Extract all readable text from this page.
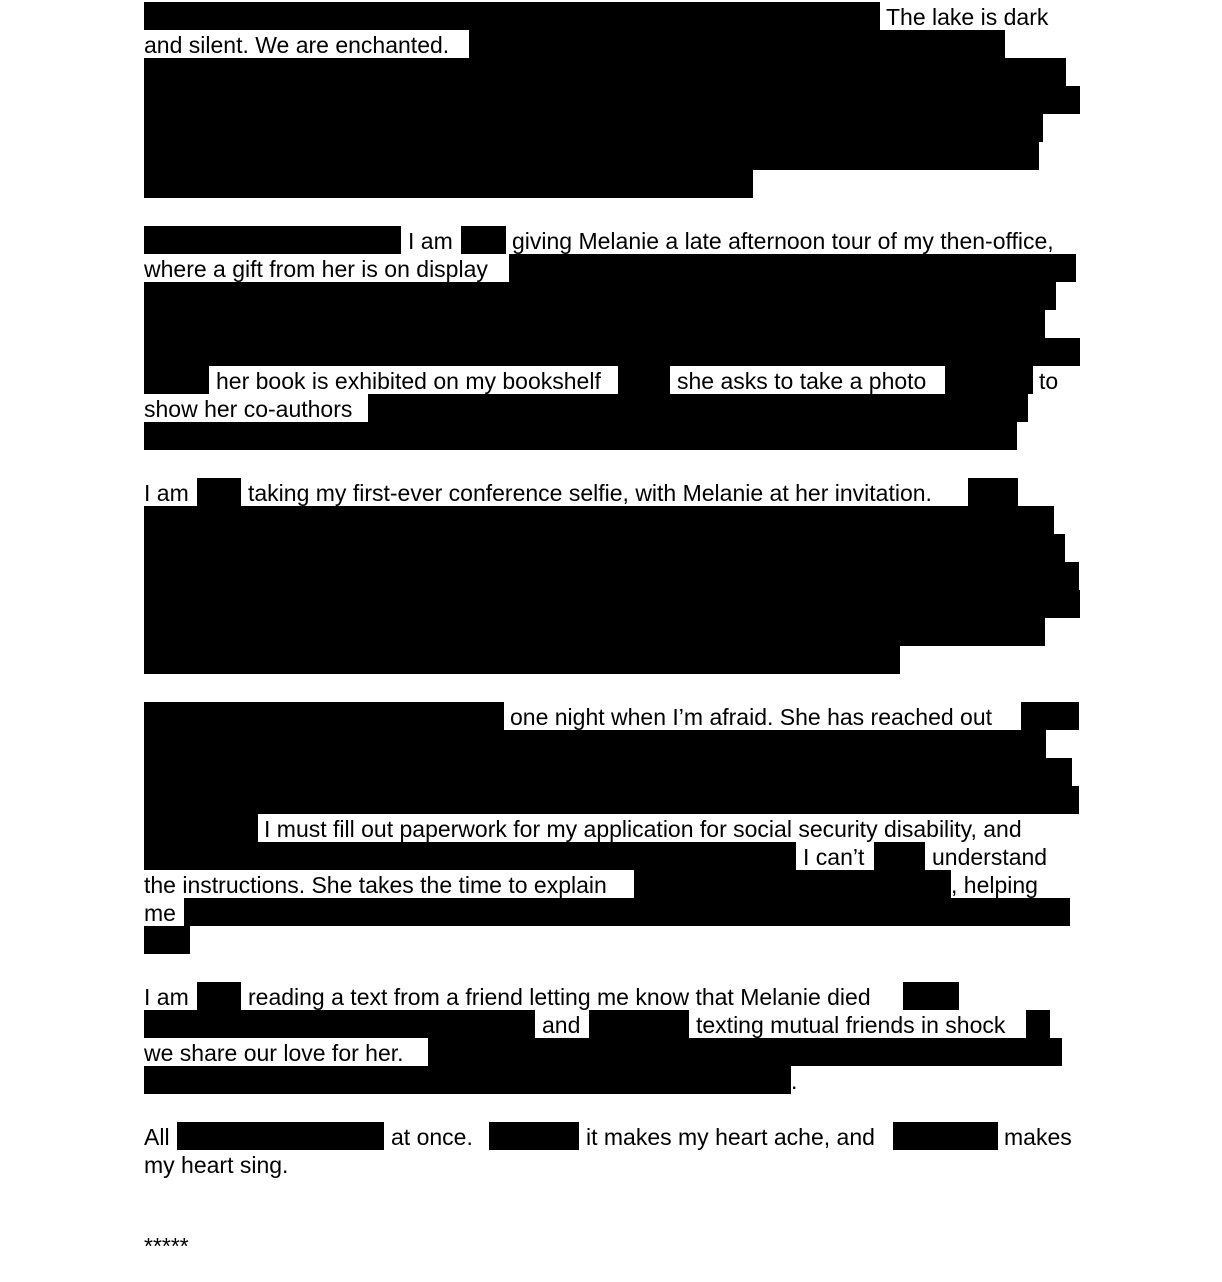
The lake is dark
and silent. We are enchanted.
I am	giving Melanie a late afternoon tour of my then-office,
where a gift from her is on display
her book is exhibited on my bookshelf	she asks to take a photo	to
show her co-authors
I am	taking my first-ever conference selfie, with Melanie at her invitation.
one night when I’m afraid. She has reached out
I must fill out paperwork for my application for social security disability, and
I can’t	understand
the instructions. She takes the time to explain	, helping
me
I am	reading a text from a friend letting me know that Melanie died
and	texting mutual friends in shock
we share our love for her.
.
All	at once.	it makes my heart ache, and	makes
my heart sing.
*****
